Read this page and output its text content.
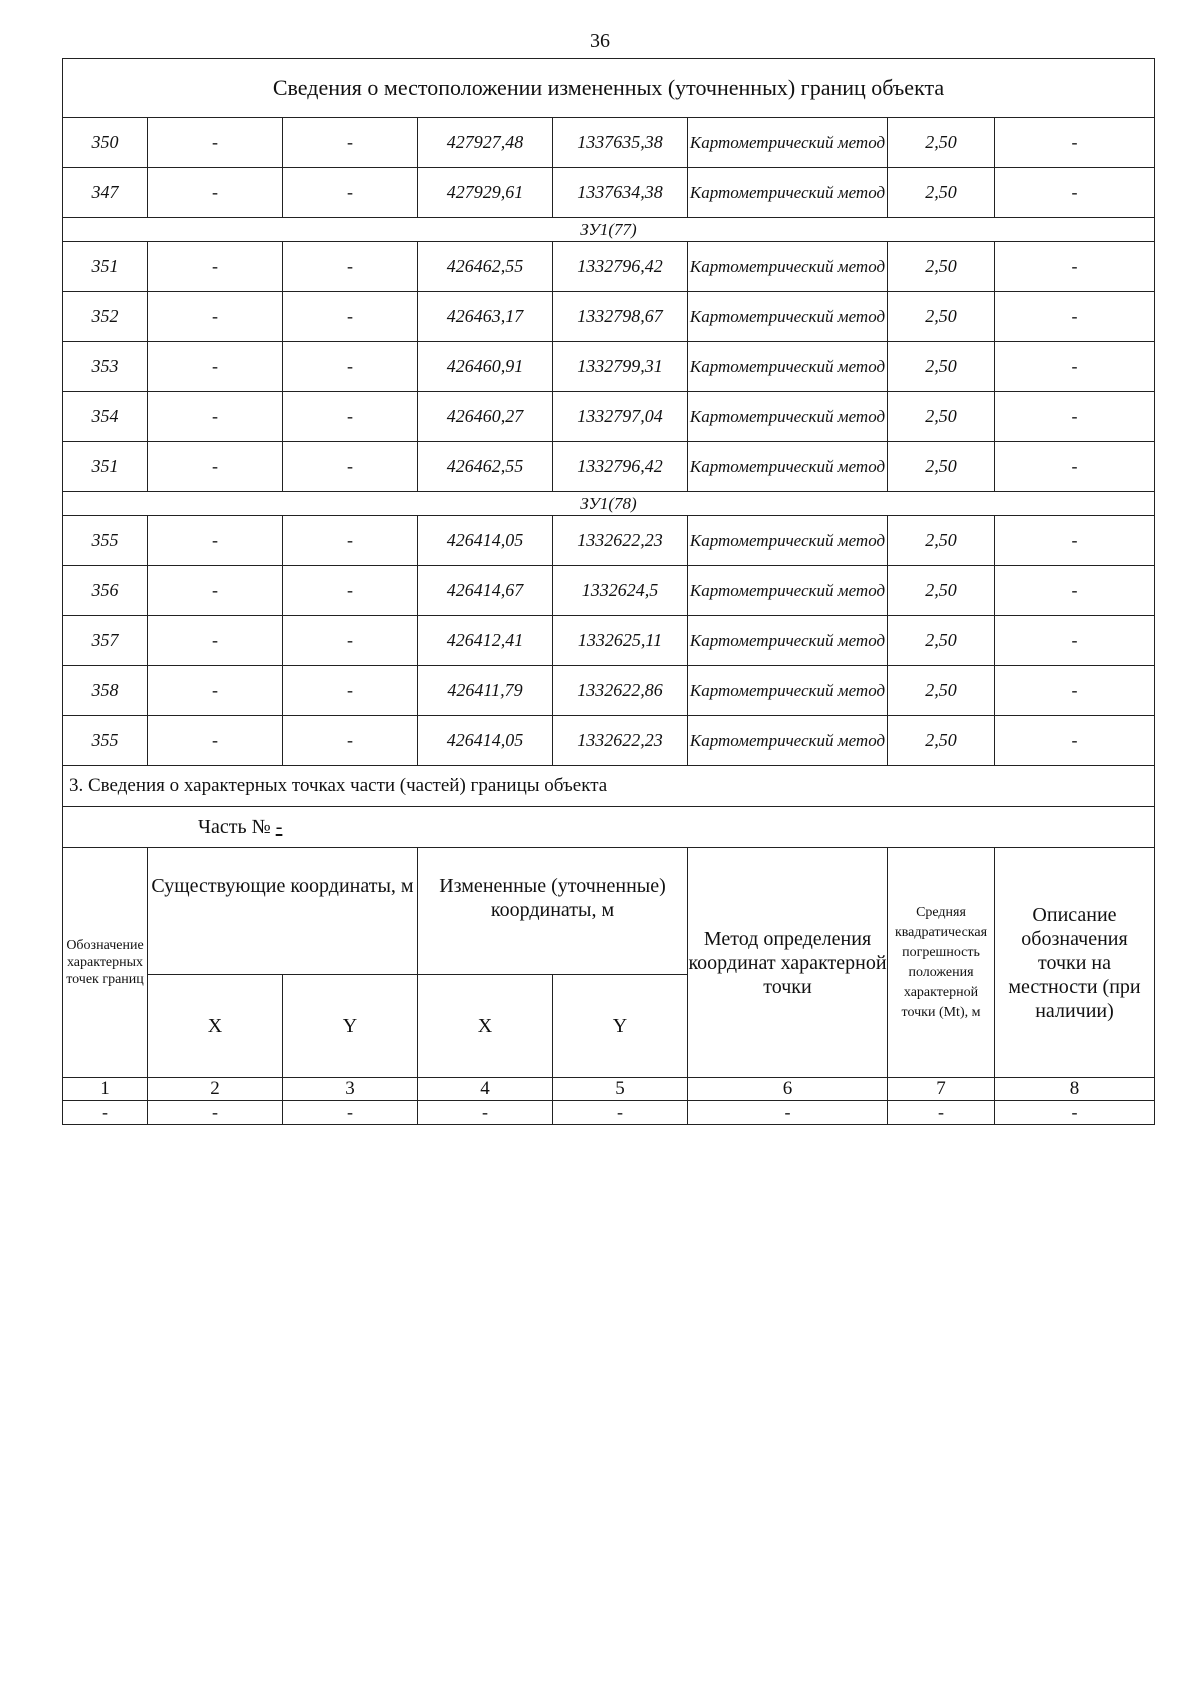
36
Сведения о местоположении измененных (уточненных) границ объекта							
350	-	-	427927,48	1337635,38	Картометрический метод	2,50	-
347	-	-	427929,61	1337634,38	Картометрический метод	2,50	-
ЗУ1(77)							
351	-	-	426462,55	1332796,42	Картометрический метод	2,50	-
352	-	-	426463,17	1332798,67	Картометрический метод	2,50	-
353	-	-	426460,91	1332799,31	Картометрический метод	2,50	-
354	-	-	426460,27	1332797,04	Картометрический метод	2,50	-
351	-	-	426462,55	1332796,42	Картометрический метод	2,50	-
ЗУ1(78)							
355	-	-	426414,05	1332622,23	Картометрический метод	2,50	-
356	-	-	426414,67	1332624,5	Картометрический метод	2,50	-
357	-	-	426412,41	1332625,11	Картометрический метод	2,50	-
358	-	-	426411,79	1332622,86	Картометрический метод	2,50	-
355	-	-	426414,05	1332622,23	Картометрический метод	2,50	-
3. Сведения о характерных точках части (частей) границы объекта							
Часть № -							
Обозначение характерных точек границ	Существующие координаты, м		Измененные (уточненные) координаты, м		Метод определения координат характерной точки	Средняя квадратическая погрешность положения характерной точки (Mt), м	Описание обозначения точки на местности (при наличии)
	X	Y	X	Y			
1	2	3	4	5	6	7	8
-	-	-	-	-	-	-	-
